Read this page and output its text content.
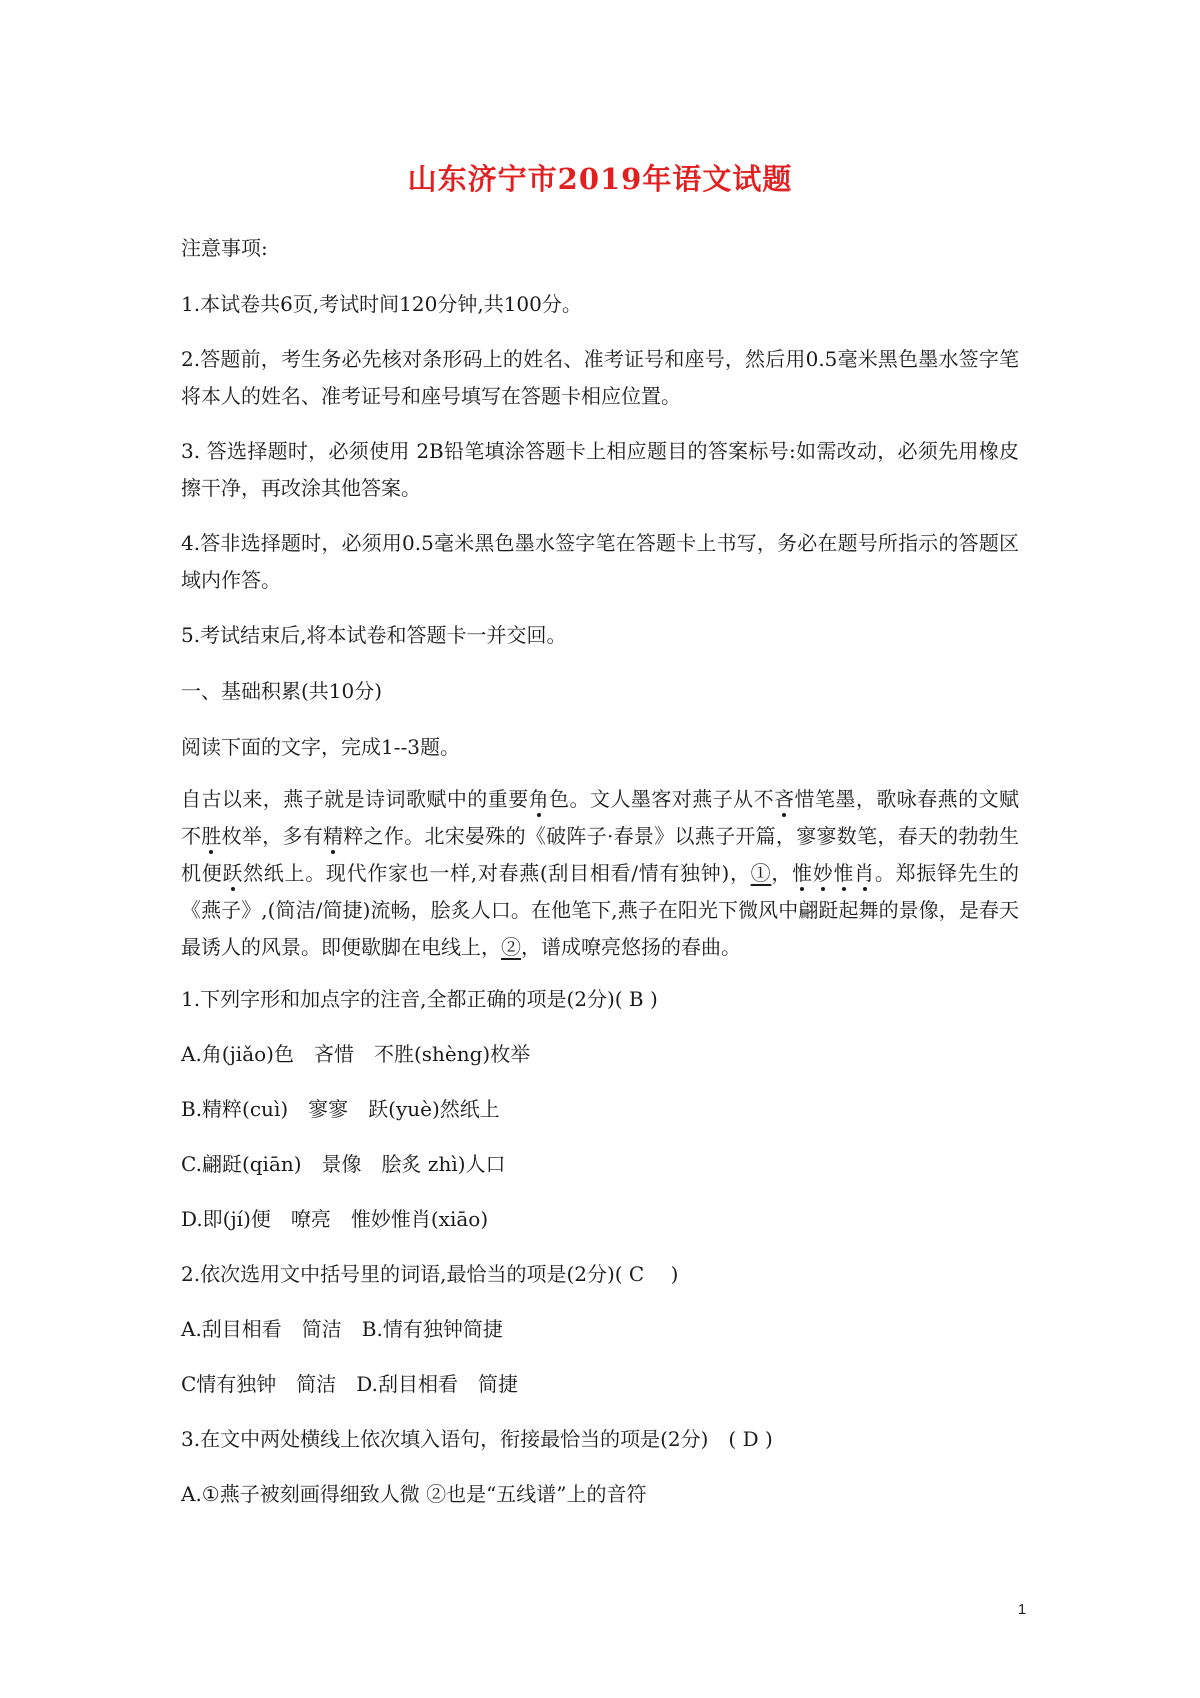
山东济宁市2019年语文试题

注意事项:

1.本试卷共6页,考试时间120分钟,共100分。

2.答题前，考生务必先核对条形码上的姓名、准考证号和座号，然后用0.5毫米黑色墨水签字笔将本人的姓名、准考证号和座号填写在答题卡相应位置。

3. 答选择题时，必须使用 2B铅笔填涂答题卡上相应题目的答案标号:如需改动，必须先用橡皮擦干净，再改涂其他答案。

4.答非选择题时，必须用0.5毫米黑色墨水签字笔在答题卡上书写，务必在题号所指示的答题区域内作答。

5.考试结束后,将本试卷和答题卡一并交回。

一、基础积累(共10分)

阅读下面的文字，完成1--3题。

自古以来，燕子就是诗词歌赋中的重要角色。文人墨客对燕子从不吝惜笔墨，歌咏春燕的文赋不胜枚举，多有精粹之作。北宋晏殊的《破阵子·春景》以燕子开篇，寥寥数笔，春天的勃勃生机便跃然纸上。现代作家也一样,对春燕(刮目相看/情有独钟)，①，惟妙惟肖。郑振铎先生的《燕子》,(简洁/简捷)流畅，脍炙人口。在他笔下,燕子在阳光下微风中翩跹起舞的景像，是春天最诱人的风景。即便歇脚在电线上，②，谱成嘹亮悠扬的春曲。

1.下列字形和加点字的注音,全都正确的项是(2分)( B )

A.角(jiǎo)色　吝惜　不胜(shèng)枚举

B.精粹(cuì)　寥寥　跃(yuè)然纸上

C.翩跹(qiān)　景像　脍炙 zhì)人口

D.即(jí)便　嘹亮　惟妙惟肖(xiāo)

2.依次选用文中括号里的词语,最恰当的项是(2分)( C　 )

A.刮目相看　简洁　B.情有独钟简捷

C情有独钟　简洁　D.刮目相看　简捷

3.在文中两处横线上依次填入语句，衔接最恰当的项是(2分)　( D )

A.①燕子被刻画得细致人微 ②也是“五线谱”上的音符

1
